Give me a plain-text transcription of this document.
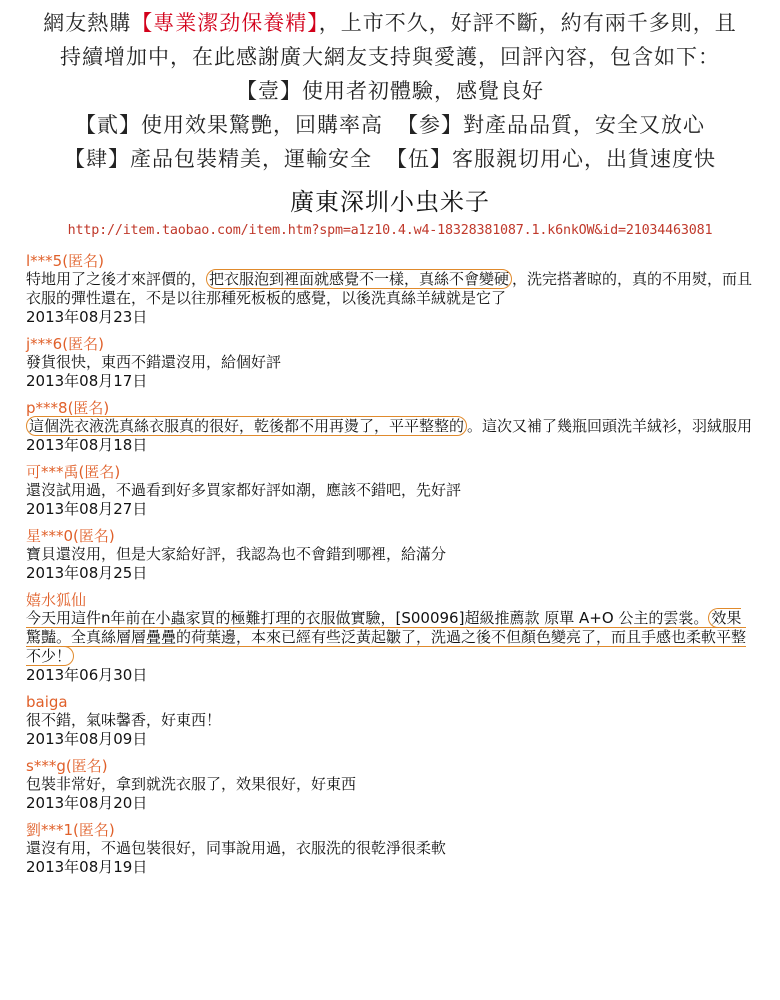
網友熱購【專業潔劲保養精】，上市不久，好評不斷，約有兩千多則，且
持續增加中，在此感謝廣大網友支持與愛護，回評內容，包含如下：
【壹】使用者初體驗，感覺良好
【貳】使用效果驚艷，回購率高 【参】對產品品質，安全又放心
【肆】產品包裝精美，運輸安全 【伍】客服親切用心，出貨速度快
廣東深圳小虫米子
http://item.taobao.com/item.htm?spm=a1z10.4.w4-18328381087.1.k6nkOW&id=21034463081
l***5(匿名)
特地用了之後才來評價的， 把衣服泡到裡面就感覺不一樣，真絲不會變硬 ，洗完搭著晾的，真的不用熨，而且衣服的彈性還在，不是以往那種死板板的感覺，以後洗真絲羊絨就是它了
2013年08月23日
j***6(匿名)
發貨很快，東西不錯還沒用，給個好評
2013年08月17日
p***8(匿名)
這個洗衣液洗真絲衣服真的很好，乾後都不用再燙了，平平整整的 。這次又補了幾瓶回頭洗羊絨衫，羽絨服用
2013年08月18日
可***禹(匿名)
還沒試用過，不過看到好多買家都好評如潮，應該不錯吧，先好評
2013年08月27日
星***0(匿名)
寶貝還沒用，但是大家給好評，我認為也不會錯到哪裡，給滿分
2013年08月25日
嬉水狐仙
今天用這件n年前在小蟲家買的極難打理的衣服做實驗，[S00096]超級推薦款 原單 A+O 公主的雲裳。 效果驚豔。全真絲層層疊疊的荷葉邊，本來已經有些泛黃起皺了，洗過之後不但顏色變亮了，而且手感也柔軟平整不少！
2013年06月30日
baiga
很不錯，氣味馨香，好東西！
2013年08月09日
s***g(匿名)
包裝非常好，拿到就洗衣服了，效果很好，好東西
2013年08月20日
劉***1(匿名)
還沒有用，不過包裝很好，同事說用過，衣服洗的很乾淨很柔軟
2013年08月19日
